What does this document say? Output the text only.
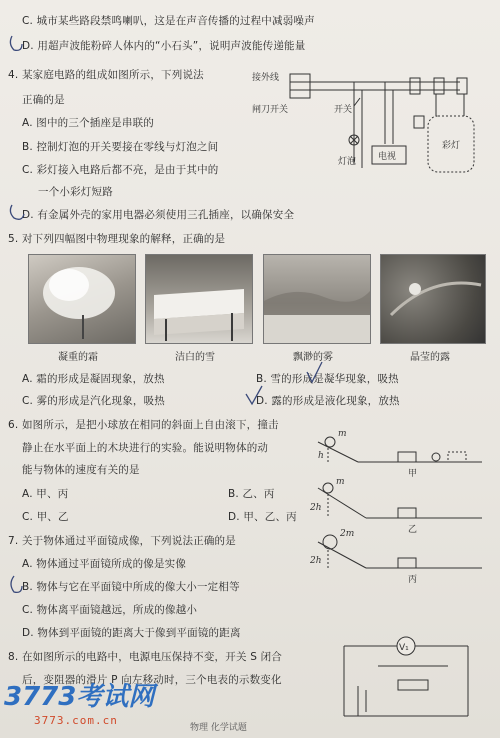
C. 城市某些路段禁鸣喇叭，这是在声音传播的过程中减弱噪声
D. 用超声波能粉碎人体内的“小石头”，说明声波能传递能量
4. 某家庭电路的组成如图所示，下列说法
正确的是
A. 图中的三个插座是串联的
B. 控制灯泡的开关要接在零线与灯泡之间
C. 彩灯接入电路后都不亮，是由于其中的
一个小彩灯短路
D. 有金属外壳的家用电器必须使用三孔插座，以确保安全
接外线
闸刀开关	开关
灯泡 电视
彩灯
5. 对下列四幅图中物理现象的解释，正确的是
凝重的霜	洁白的雪	飘渺的雾	晶莹的露
A. 霜的形成是凝固现象，放热	B. 雪的形成是凝华现象，吸热
C. 雾的形成是汽化现象，吸热	D. 露的形成是液化现象，放热
6. 如图所示，是把小球放在相同的斜面上自由滚下，撞击
静止在水平面上的木块进行的实验。能说明物体的动
能与物体的速度有关的是
A. 甲、丙	B. 乙、丙
C. 甲、乙	D. 甲、乙、丙
m
h
甲
m
2h
乙
2m
2h
丙
7. 关于物体通过平面镜成像，下列说法正确的是
A. 物体通过平面镜所成的像是实像
B. 物体与它在平面镜中所成的像大小一定相等
C. 物体离平面镜越远，所成的像越小
D. 物体到平面镜的距离大于像到平面镜的距离
8. 在如图所示的电路中，电源电压保持不变，开关 S 闭合
后，变阻器的滑片 P 向左移动时，三个电表的示数变化
V₁
3773考试网
3773.com.cn
物理 化学试题
